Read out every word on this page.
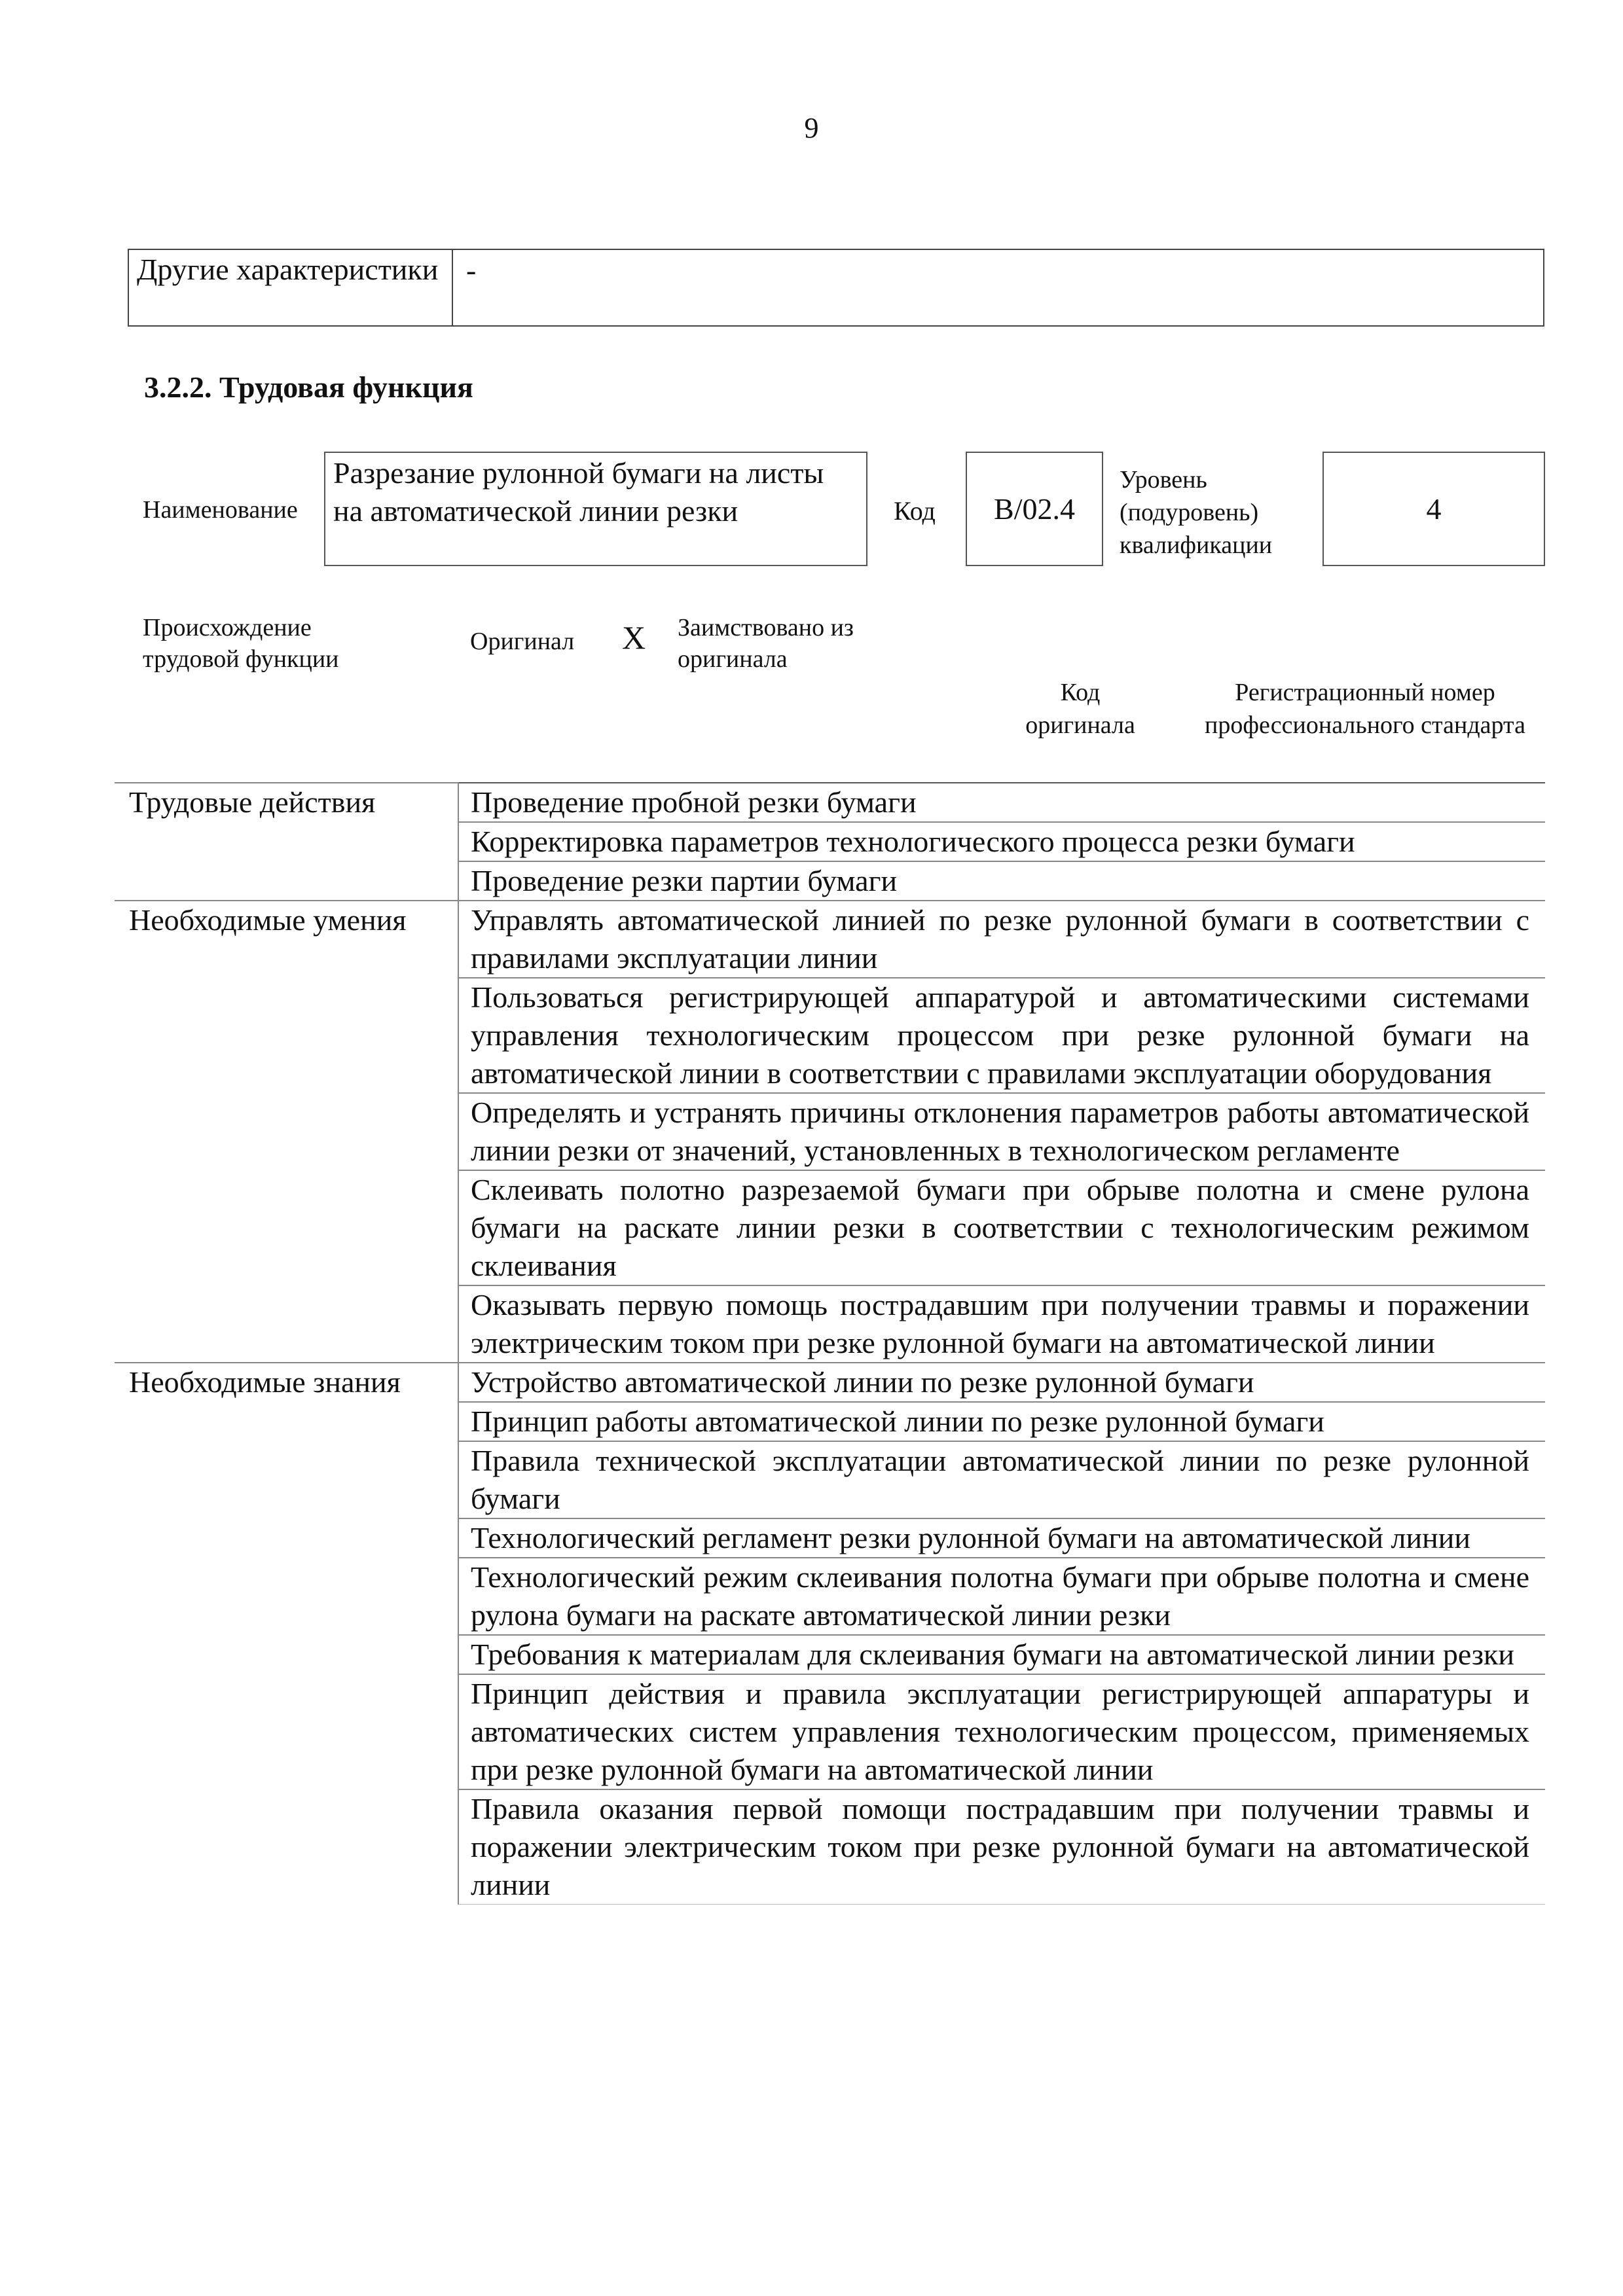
9
Другие характеристики -
3.2.2. Трудовая функция
Наименование
Разрезание рулонной бумаги на листы на автоматической линии резки	Код	B/02.4
Уровень
(подуровень)
квалификации
4
Происхождение
трудовой функции
Оригинал X Заимствовано из
оригинала
Код
оригинала
Регистрационный номер
профессионального стандарта
Трудовые действия	Проведение пробной резки бумаги
	Корректировка параметров технологического процесса резки бумаги
	Проведение резки партии бумаги
Необходимые умения	Управлять автоматической линией по резке рулонной бумаги в соответствии с правилами эксплуатации линии
	Пользоваться регистрирующей аппаратурой и автоматическими системами управления технологическим процессом при резке рулонной бумаги на автоматической линии в соответствии с правилами эксплуатации оборудования
	Определять и устранять причины отклонения параметров работы автоматической линии резки от значений, установленных в технологическом регламенте
	Склеивать полотно разрезаемой бумаги при обрыве полотна и смене рулона бумаги на раскате линии резки в соответствии с технологическим режимом склеивания
	Оказывать первую помощь пострадавшим при получении травмы и поражении электрическим током при резке рулонной бумаги на автоматической линии
Необходимые знания	Устройство автоматической линии по резке рулонной бумаги
	Принцип работы автоматической линии по резке рулонной бумаги
	Правила технической эксплуатации автоматической линии по резке рулонной бумаги
	Технологический регламент резки рулонной бумаги на автоматической линии
	Технологический режим склеивания полотна бумаги при обрыве полотна и смене рулона бумаги на раскате автоматической линии резки
	Требования к материалам для склеивания бумаги на автоматической линии резки
	Принцип действия и правила эксплуатации регистрирующей аппаратуры и автоматических систем управления технологическим процессом, применяемых при резке рулонной бумаги на автоматической линии
	Правила оказания первой помощи пострадавшим при получении травмы и поражении электрическим током при резке рулонной бумаги на автоматической линии
